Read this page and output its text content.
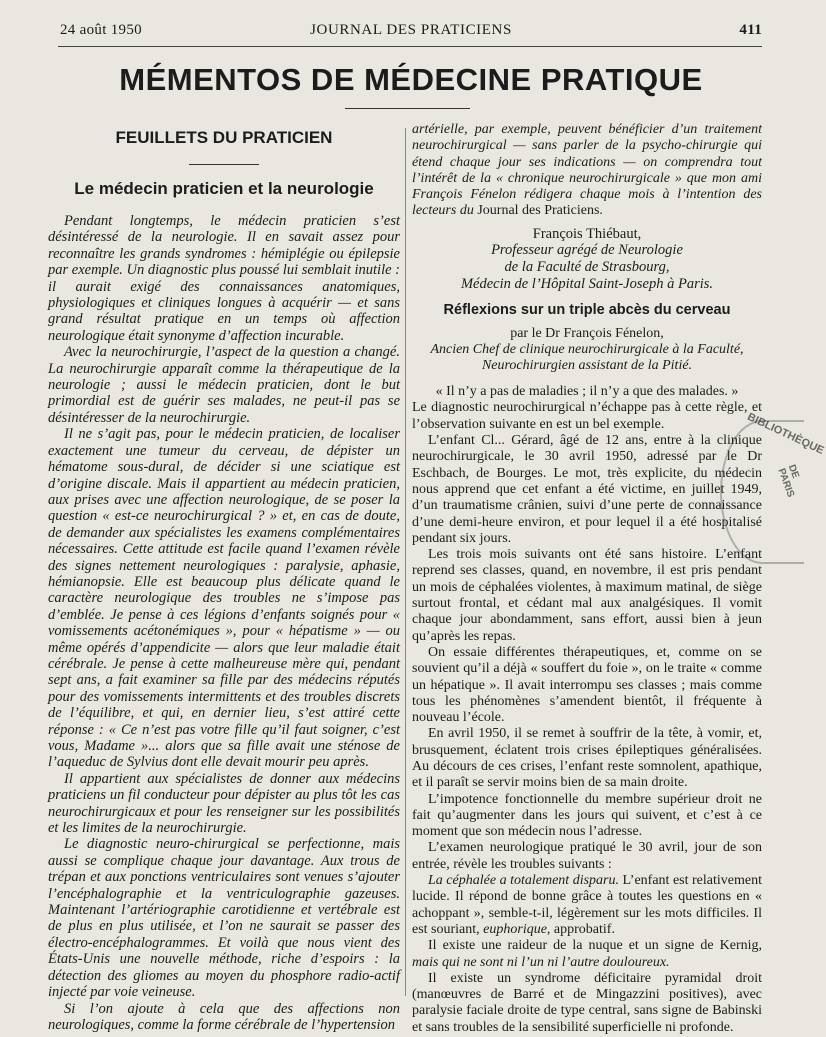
24 août 1950	JOURNAL DES PRATICIENS	411
MÉMENTOS DE MÉDECINE PRATIQUE
FEUILLETS DU PRATICIEN
Le médecin praticien et la neurologie

Pendant longtemps, le médecin praticien s’est désintéressé de la neurologie. Il en savait assez pour reconnaître les grands syndromes : hémiplégie ou épilepsie par exemple. Un diagnostic plus poussé lui semblait inutile : il aurait exigé des connaissances anatomiques, physiologiques et cliniques longues à acquérir — et sans grand résultat pratique en un temps où affection neurologique était synonyme d’affection incurable.

Avec la neurochirurgie, l’aspect de la question a changé. La neurochirurgie apparaît comme la thérapeutique de la neurologie ; aussi le médecin praticien, dont le but primordial est de guérir ses malades, ne peut-il pas se désintéresser de la neurochirurgie.

Il ne s’agit pas, pour le médecin praticien, de localiser exactement une tumeur du cerveau, de dépister un hématome sous-dural, de décider si une sciatique est d’origine discale. Mais il appartient au médecin praticien, aux prises avec une affection neurologique, de se poser la question « est-ce neurochirurgical ? » et, en cas de doute, de demander aux spécialistes les examens complémentaires nécessaires. Cette attitude est facile quand l’examen révèle des signes nettement neurologiques : paralysie, aphasie, hémianopsie. Elle est beaucoup plus délicate quand le caractère neurologique des troubles ne s’impose pas d’emblée. Je pense à ces légions d’enfants soignés pour « vomissements acétonémiques », pour « hépatisme » — ou même opérés d’appendicite — alors que leur maladie était cérébrale. Je pense à cette malheureuse mère qui, pendant sept ans, a fait examiner sa fille par des médecins réputés pour des vomissements intermittents et des troubles discrets de l’équilibre, et qui, en dernier lieu, s’est attiré cette réponse : « Ce n’est pas votre fille qu’il faut soigner, c’est vous, Madame »... alors que sa fille avait une sténose de l’aqueduc de Sylvius dont elle devait mourir peu après.

Il appartient aux spécialistes de donner aux médecins praticiens un fil conducteur pour dépister au plus tôt les cas neurochirurgicaux et pour les renseigner sur les possibilités et les limites de la neurochirurgie.

Le diagnostic neuro-chirurgical se perfectionne, mais aussi se complique chaque jour davantage. Aux trous de trépan et aux ponctions ventriculaires sont venues s’ajouter l’encéphalographie et la ventriculographie gazeuses. Maintenant l’artériographie carotidienne et vertébrale est de plus en plus utilisée, et l’on ne saurait se passer des électro-encéphalogrammes. Et voilà que nous vient des États-Unis une nouvelle méthode, riche d’espoirs : la détection des gliomes au moyen du phosphore radio-actif injecté par voie veineuse.

Si l’on ajoute à cela que des affections non neurologiques, comme la forme cérébrale de l’hypertension

artérielle, par exemple, peuvent bénéficier d’un traitement neurochirurgical — sans parler de la psycho-chirurgie qui étend chaque jour ses indications — on comprendra tout l’intérêt de la « chronique neurochirurgicale » que mon ami François Fénelon rédigera chaque mois à l’intention des lecteurs du Journal des Praticiens.

François Thiébaut,
Professeur agrégé de Neurologie
de la Faculté de Strasbourg,
Médecin de l’Hôpital Saint-Joseph à Paris.
Réflexions sur un triple abcès du cerveau
par le Dr François Fénelon,
Ancien Chef de clinique neurochirurgicale à la Faculté,
Neurochirurgien assistant de la Pitié.

« Il n’y a pas de maladies ; il n’y a que des malades. »

Le diagnostic neurochirurgical n’échappe pas à cette règle, et l’observation suivante en est un bel exemple.

L’enfant Cl... Gérard, âgé de 12 ans, entre à la clinique neurochirurgicale, le 30 avril 1950, adressé par le Dr Eschbach, de Bourges. Le mot, très explicite, du médecin nous apprend que cet enfant a été victime, en juillet 1949, d’un traumatisme crânien, suivi d’une perte de connaissance d’une demi-heure environ, et pour lequel il a été hospitalisé pendant six jours.

Les trois mois suivants ont été sans histoire. L’enfant reprend ses classes, quand, en novembre, il est pris pendant un mois de céphalées violentes, à maximum matinal, de siège surtout frontal, et cédant mal aux analgésiques. Il vomit chaque jour abondamment, sans effort, aussi bien à jeun qu’après les repas.

On essaie différentes thérapeutiques, et, comme on se souvient qu’il a déjà « souffert du foie », on le traite « comme un hépatique ». Il avait interrompu ses classes ; mais comme tous les phénomènes s’amendent bientôt, il fréquente à nouveau l’école.

En avril 1950, il se remet à souffrir de la tête, à vomir, et, brusquement, éclatent trois crises épileptiques généralisées. Au décours de ces crises, l’enfant reste somnolent, apathique, et il paraît se servir moins bien de sa main droite.

L’impotence fonctionnelle du membre supérieur droit ne fait qu’augmenter dans les jours qui suivent, et c’est à ce moment que son médecin nous l’adresse.

L’examen neurologique pratiqué le 30 avril, jour de son entrée, révèle les troubles suivants :

La céphalée a totalement disparu. L’enfant est relativement lucide. Il répond de bonne grâce à toutes les questions en « achoppant », semble-t-il, légèrement sur les mots difficiles. Il est souriant, euphorique, approbatif.

Il existe une raideur de la nuque et un signe de Kernig, mais qui ne sont ni l’un ni l’autre douloureux.

Il existe un syndrome déficitaire pyramidal droit (manœuvres de Barré et de Mingazzini positives), avec paralysie faciale droite de type central, sans signe de Babinski et sans troubles de la sensibilité superficielle ni profonde.

BIBLIOTHÈQUE
DE PARIS
